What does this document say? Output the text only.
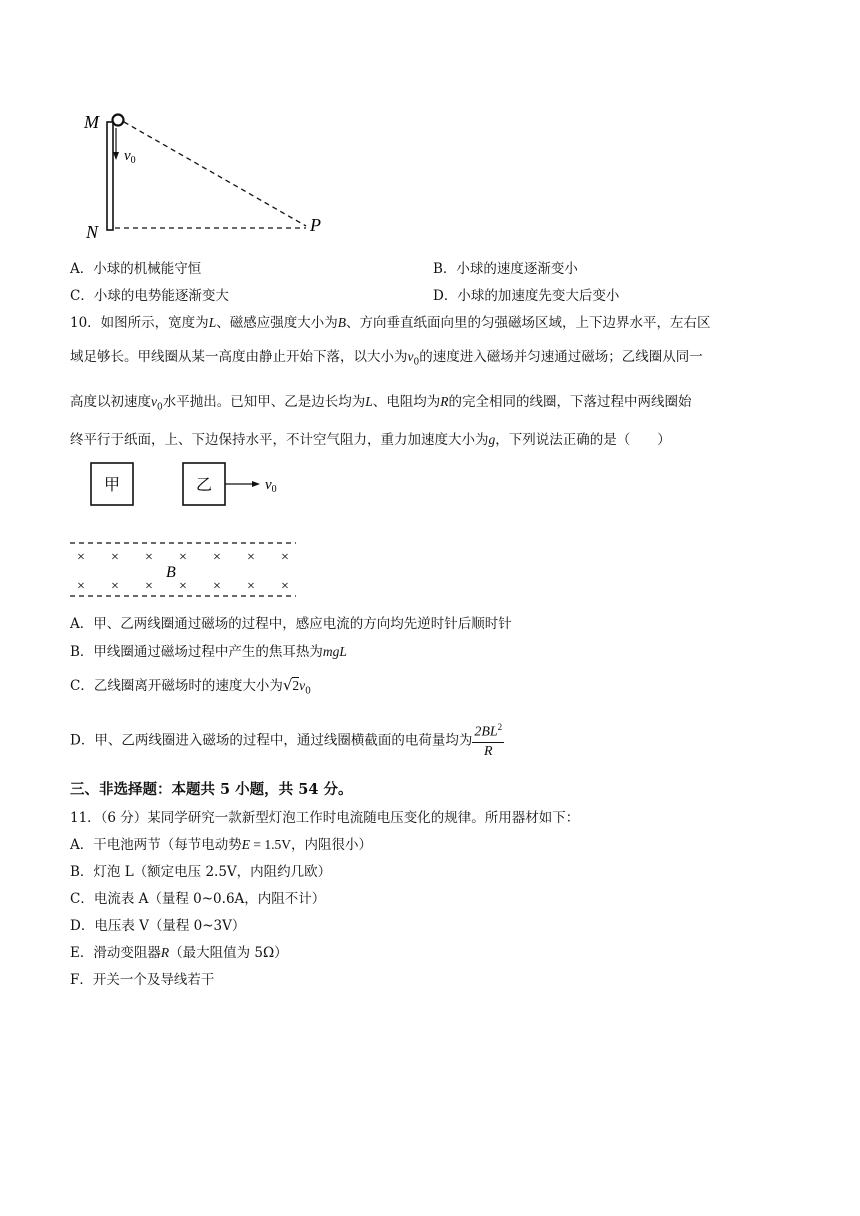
$v_0$
M
N	P
A．小球的机械能守恒	B．小球的速度逐渐变小
C．小球的电势能逐渐变大	D．小球的加速度先变大后变小
10．如图所示，宽度为L、磁感应强度大小为B、方向垂直纸面向里的匀强磁场区域，上下边界水平，左右区
域足够长。甲线圈从某一高度由静止开始下落，以大小为$v_0$的速度进入磁场并匀速通过磁场；乙线圈从同一
高度以初速度$v_0$水平抛出。已知甲、乙是边长均为L、电阻均为R的完全相同的线圈，下落过程中两线圈始
终平行于纸面，上、下边保持水平，不计空气阻力，重力加速度大小为g，下列说法正确的是（　　）
甲	乙	$v_0$
× × × × × × ×
× × × × × × ×
B
A．甲、乙两线圈通过磁场的过程中，感应电流的方向均先逆时针后顺时针
B．甲线圈通过磁场过程中产生的焦耳热为mgL
C．乙线圈离开磁场时的速度大小为$√2v_0$
D．甲、乙两线圈进入磁场的过程中，通过线圈横截面的电荷量均为 $\frac{2BL^2}{R}$
三、非选择题：本题共 5 小题，共 54 分。
11．（6 分）某同学研究一款新型灯泡工作时电流随电压变化的规律。所用器材如下：
A．干电池两节（每节电动势E = 1.5V，内阻很小）
B．灯泡 L（额定电压 2.5V，内阻约几欧）
C．电流表 A（量程 0~0.6A，内阻不计）
D．电压表 V（量程 0~3V）
E．滑动变阻器R（最大阻值为 5Ω）
F．开关一个及导线若干
